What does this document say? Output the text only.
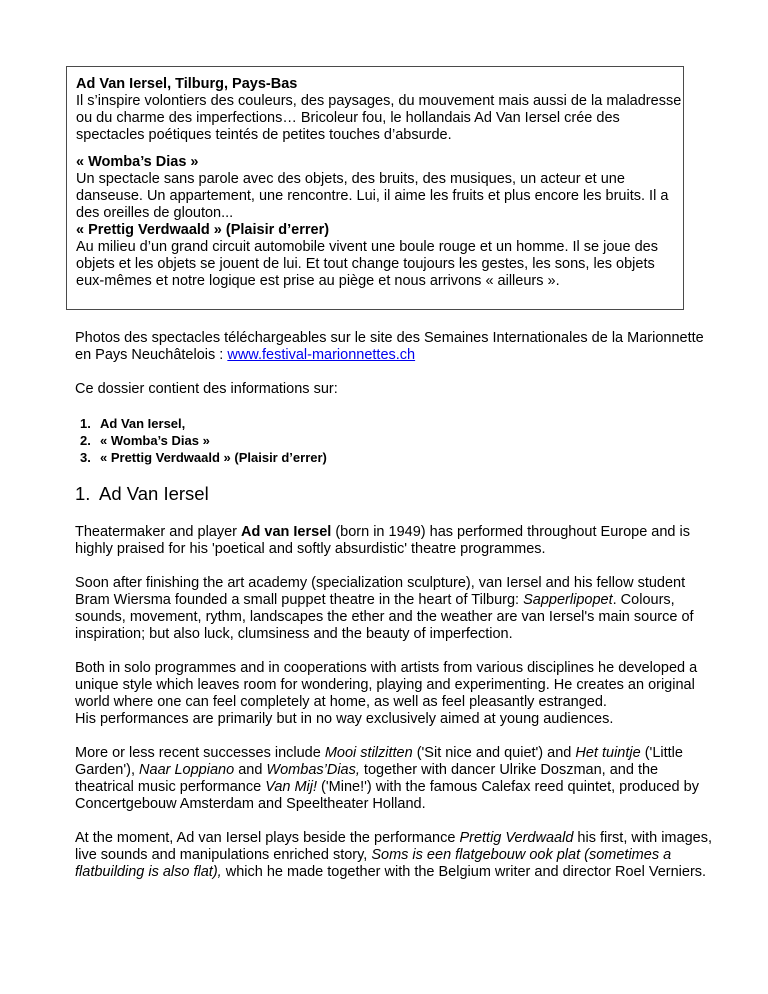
Ad Van Iersel, Tilburg, Pays-Bas

Il s’inspire volontiers des couleurs, des paysages, du mouvement mais aussi de la maladresse ou du charme des imperfections… Bricoleur fou, le hollandais Ad Van Iersel crée des spectacles poétiques teintés de petites touches d’absurde.

« Womba’s Dias »

Un spectacle sans parole avec des objets, des bruits, des musiques, un acteur et une danseuse. Un appartement, une rencontre. Lui, il aime les fruits et plus encore les bruits. Il a des oreilles de glouton...

« Prettig Verdwaald » (Plaisir d’errer)

Au milieu d’un grand circuit automobile vivent une boule rouge et un homme. Il se joue des objets et les objets se jouent de lui. Et tout change toujours les gestes, les sons, les objets eux-mêmes et notre logique est prise au piège et nous arrivons « ailleurs ».

Photos des spectacles téléchargeables sur le site des Semaines Internationales de la Marionnette en Pays Neuchâtelois : www.festival-marionnettes.ch

Ce dossier contient des informations sur:

1. Ad Van Iersel,
2. « Womba’s Dias »
3. « Prettig Verdwaald » (Plaisir d’errer)
1. Ad Van Iersel

Theatermaker and player Ad van Iersel (born in 1949) has performed throughout Europe and is highly praised for his 'poetical and softly absurdistic' theatre programmes.

Soon after finishing the art academy (specialization sculpture), van Iersel and his fellow student Bram Wiersma founded a small puppet theatre in the heart of Tilburg: Sapperlipopet. Colours, sounds, movement, rythm, landscapes the ether and the weather are van Iersel's main source of inspiration; but also luck, clumsiness and the beauty of imperfection.

Both in solo programmes and in cooperations with artists from various disciplines he developed a unique style which leaves room for wondering, playing and experimenting. He creates an original world where one can feel completely at home, as well as feel pleasantly estranged.
His performances are primarily but in no way exclusively aimed at young audiences.

More or less recent successes include Mooi stilzitten ('Sit nice and quiet') and Het tuintje ('Little Garden'), Naar Loppiano and Wombas’Dias, together with dancer Ulrike Doszman, and the theatrical music performance Van Mij! ('Mine!') with the famous Calefax reed quintet, produced by Concertgebouw Amsterdam and Speeltheater Holland.

At the moment, Ad van Iersel plays beside the performance Prettig Verdwaald his first, with images, live sounds and manipulations enriched story, Soms is een flatgebouw ook plat (sometimes a flatbuilding is also flat), which he made together with the Belgium writer and director Roel Verniers.
